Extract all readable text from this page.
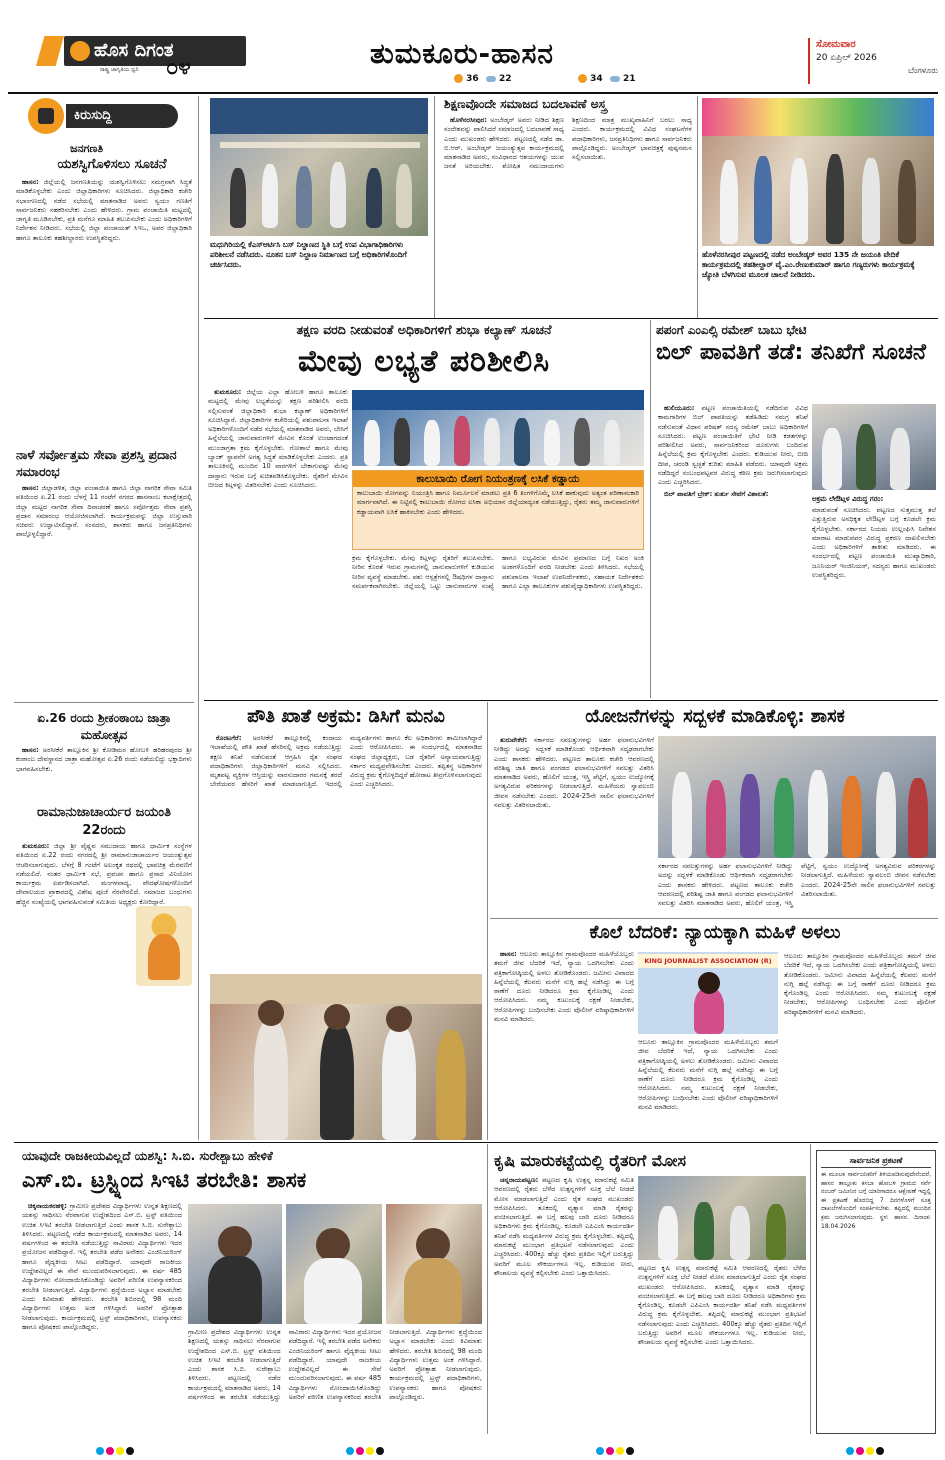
ಹೊಸ ದಿಗಂತ
ರಾಷ್ಟ್ರ ಜಾಗೃತಿಯ ಧ್ವನಿ ೦೪	ತುಮಕೂರು-ಹಾಸನ
36 22	34 21
ಸೋಮವಾರ
20 ಏಪ್ರಿಲ್ 2026
ಬೆಂಗಳೂರು
ಕಿರುಸುದ್ದಿ
ಜನಗಣತಿ
ಯಶಸ್ವಿಗೊಳಿಸಲು ಸೂಚನೆ

ಹಾಸನ: ಜಿಲ್ಲೆಯಲ್ಲಿ ಜನಗಣತಿಯನ್ನು ಯಶಸ್ವಿಗೊಳಿಸಲು ಸಮಗ್ರವಾಗಿ ಸಿದ್ಧತೆ ಮಾಡಿಕೊಳ್ಳಬೇಕು ಎಂದು ಜಿಲ್ಲಾಧಿಕಾರಿಗಳು ಸೂಚಿಸಿದರು. ಜಿಲ್ಲಾಧಿಕಾರಿ ಕಚೇರಿ ಸಭಾಂಗಣದಲ್ಲಿ ನಡೆದ ಸಭೆಯಲ್ಲಿ ಮಾತನಾಡಿದ ಅವರು ಸ್ವಯಂ ಗಣತಿಗೆ ಸಾರ್ವಜನಿಕರು ಸಹಕರಿಸಬೇಕು ಎಂದು ಹೇಳಿದರು. ಗ್ರಾಮ ಪಂಚಾಯಿತಿ ಮಟ್ಟದಲ್ಲಿ ಜಾಗೃತಿ ಮೂಡಿಸಬೇಕು, ಪ್ರತಿ ಮನೆಗೂ ಮಾಹಿತಿ ತಲುಪಿಸಬೇಕು ಎಂದು ಅಧಿಕಾರಿಗಳಿಗೆ ನಿರ್ದೇಶನ ನೀಡಿದರು. ಸಭೆಯಲ್ಲಿ ಜಿಲ್ಲಾ ಪಂಚಾಯತ್ ಸಿಇಒ, ಅಪರ ಜಿಲ್ಲಾಧಿಕಾರಿ ಹಾಗೂ ತಾಲೂಕು ತಹಶೀಲ್ದಾರರು ಉಪಸ್ಥಿತರಿದ್ದರು.

ನಾಳೆ ಸರ್ವೋತ್ತಮ ಸೇವಾ ಪ್ರಶಸ್ತಿ ಪ್ರದಾನ ಸಮಾರಂಭ

ಹಾಸನ: ಜಿಲ್ಲಾಡಳಿತ, ಜಿಲ್ಲಾ ಪಂಚಾಯಿತಿ ಹಾಗೂ ಜಿಲ್ಲಾ ನಾಗರಿಕ ಸೇವಾ ಸಮಿತಿ ವತಿಯಿಂದ ಏ.21 ರಂದು ಬೆಳಗ್ಗೆ 11 ಗಂಟೆಗೆ ನಗರದ ಹಾಸನಾಂಬ ಕಲಾಕ್ಷೇತ್ರದಲ್ಲಿ ಜಿಲ್ಲಾ ಮಟ್ಟದ ನಾಗರಿಕ ಸೇವಾ ದಿನಾಚರಣೆ ಹಾಗೂ ಸರ್ವೋತ್ತಮ ಸೇವಾ ಪ್ರಶಸ್ತಿ ಪ್ರದಾನ ಸಮಾರಂಭ ಆಯೋಜಿಸಲಾಗಿದೆ. ಕಾರ್ಯಕ್ರಮವನ್ನು ಜಿಲ್ಲಾ ಉಸ್ತುವಾರಿ ಸಚಿವರು ಉದ್ಘಾಟಿಸಲಿದ್ದಾರೆ. ಸಂಸದರು, ಶಾಸಕರು ಹಾಗೂ ಜನಪ್ರತಿನಿಧಿಗಳು ಪಾಲ್ಗೊಳ್ಳಲಿದ್ದಾರೆ.

ಏ.26 ರಂದು ಶ್ರೀಕಂಠಾಂಬ ಜಾತ್ರಾ ಮಹೋತ್ಸವ

ಹಾಸನ: ಅರಸೀಕೆರೆ ತಾಲ್ಲೂಕಿನ ಶ್ರೀ ಕೋಡಿಮಠ ಹೋಬಳಿ ಹರಿಹರಪುರದ ಶ್ರೀ ಕಂಠಾಂಬ ದೇವಸ್ಥಾನದ ಜಾತ್ರಾ ಮಹೋತ್ಸವ ಏ.26 ರಂದು ನಡೆಯಲಿದ್ದು ಭಕ್ತಾದಿಗಳು ಭಾಗವಹಿಸಬೇಕು.

ರಾಮಾನುಜಾಚಾರ್ಯರ ಜಯಂತಿ 22ರಂದು

ತುಮಕೂರು: ಜಿಲ್ಲಾ ಶ್ರೀ ವೈಷ್ಣವ ಸಮುದಾಯ ಹಾಗೂ ಧಾರ್ಮಿಕ ಸಂಸ್ಥೆಗಳ ವತಿಯಿಂದ ಏ.22 ರಂದು ನಗರದಲ್ಲಿ ಶ್ರೀ ರಾಮಾನುಜಾಚಾರ್ಯರ ಜಯಂತ್ಯುತ್ಸವ ಆಚರಿಸಲಾಗುವುದು. ಬೆಳಗ್ಗೆ 8 ಗಂಟೆಗೆ ಅಲಂಕೃತ ರಥದಲ್ಲಿ ಭಾವಚಿತ್ರ ಮೆರವಣಿಗೆ ನಡೆಯಲಿದೆ. ನಂತರ ಧಾರ್ಮಿಕ ಸಭೆ, ಪ್ರವಚನ ಹಾಗೂ ಪ್ರಸಾದ ವಿನಿಯೋಗ ಕಾರ್ಯಕ್ರಮ ಏರ್ಪಡಿಸಲಾಗಿದೆ. ಮಂಗಳವಾದ್ಯ, ವೇದಘೋಷಗಳೊಂದಿಗೆ ದೇವಾಲಯದ ಪ್ರಾಕಾರದಲ್ಲಿ ವಿಶೇಷ ಪೂಜೆ ನೆರವೇರಲಿದೆ. ಸಮಾಜದ ಬಂಧುಗಳು ಹೆಚ್ಚಿನ ಸಂಖ್ಯೆಯಲ್ಲಿ ಭಾಗವಹಿಸುವಂತೆ ಸಮಿತಿಯ ಅಧ್ಯಕ್ಷರು ಕೋರಿದ್ದಾರೆ.

ಮಧುಗಿರಿಯಲ್ಲಿ ಕೆಎಸ್ಆರ್ಟಿಸಿ ಬಸ್ ನಿಲ್ದಾಣದ ಸ್ಥಿತಿ ಬಗ್ಗೆ ಉಪ ವಿಭಾಗಾಧಿಕಾರಿಗಳು ಪರಿಶೀಲನೆ ನಡೆಸಿದರು. ನೂತನ ಬಸ್ ನಿಲ್ದಾಣ ನಿರ್ಮಾಣದ ಬಗ್ಗೆ ಅಧಿಕಾರಿಗಳೊಂದಿಗೆ ಚರ್ಚಿಸಿದರು.
ಶಿಕ್ಷಣವೊಂದೇ ಸಮಾಜದ ಬದಲಾವಣೆ ಅಸ್ತ್ರ

ಹೊಳೆನರಸೀಪುರ: ಅಂಬೇಡ್ಕರ್ ಅವರು ನೀಡಿದ ಶಿಕ್ಷಣ ಸಂದೇಶವನ್ನು ಪಾಲಿಸಿದರೆ ಸಮಾಜದಲ್ಲಿ ಬದಲಾವಣೆ ಸಾಧ್ಯ ಎಂದು ಮುಖಂಡರು ಹೇಳಿದರು. ಪಟ್ಟಣದಲ್ಲಿ ನಡೆದ ಡಾ. ಬಿ.ಆರ್. ಅಂಬೇಡ್ಕರ್ ಜಯಂತ್ಯುತ್ಸವ ಕಾರ್ಯಕ್ರಮದಲ್ಲಿ ಮಾತನಾಡಿದ ಅವರು, ಸಂವಿಧಾನದ ಆಶಯಗಳನ್ನು ಯುವ ಜನತೆ ಅರಿಯಬೇಕು. ಶೋಷಿತ ಸಮುದಾಯಗಳು ಶಿಕ್ಷಣದಿಂದ ಮಾತ್ರ ಮುಖ್ಯವಾಹಿನಿಗೆ ಬರಲು ಸಾಧ್ಯ ಎಂದರು. ಕಾರ್ಯಕ್ರಮದಲ್ಲಿ ವಿವಿಧ ಸಂಘಟನೆಗಳ ಪದಾಧಿಕಾರಿಗಳು, ಜನಪ್ರತಿನಿಧಿಗಳು ಹಾಗೂ ಸಾರ್ವಜನಿಕರು ಪಾಲ್ಗೊಂಡಿದ್ದರು. ಅಂಬೇಡ್ಕರ್ ಭಾವಚಿತ್ರಕ್ಕೆ ಪುಷ್ಪನಮನ ಸಲ್ಲಿಸಲಾಯಿತು.

ಹೊಳೆನರಸೀಪುರ ಪಟ್ಟಣದಲ್ಲಿ ನಡೆದ ಅಂಬೇಡ್ಕರ್ ಅವರ 135 ನೇ ಜಯಂತಿ ವೇದಿಕೆ ಕಾರ್ಯಕ್ರಮದಲ್ಲಿ ತಹಶೀಲ್ದಾರ್ ವೈ.ಎಂ.ರೇಣುಕುಮಾರ್ ಹಾಗೂ ಗಣ್ಯರುಗಳು ಕಾರ್ಯಕ್ರಮಕ್ಕೆ ಜ್ಯೋತಿ ಬೆಳಗಿಸುವ ಮೂಲಕ ಚಾಲನೆ ನೀಡಿದರು.
ತಕ್ಷಣ ವರದಿ ನೀಡುವಂತೆ ಅಧಿಕಾರಿಗಳಿಗೆ ಶುಭಾ ಕಲ್ಯಾಣ್ ಸೂಚನೆ
ಮೇವು ಲಭ್ಯತೆ ಪರಿಶೀಲಿಸಿ

ತುಮಕೂರು: ಜಿಲ್ಲೆಯ ಎಲ್ಲಾ ಹೋಬಳಿ ಹಾಗೂ ತಾಲೂಕು ಮಟ್ಟದಲ್ಲಿ ಮೇವು ಲಭ್ಯತೆಯನ್ನು ತಕ್ಷಣ ಪರಿಶೀಲಿಸಿ ವರದಿ ಸಲ್ಲಿಸುವಂತೆ ಜಿಲ್ಲಾಧಿಕಾರಿ ಶುಭಾ ಕಲ್ಯಾಣ್ ಅಧಿಕಾರಿಗಳಿಗೆ ಸೂಚಿಸಿದ್ದಾರೆ. ಜಿಲ್ಲಾಧಿಕಾರಿಗಳ ಕಚೇರಿಯಲ್ಲಿ ಪಶುಪಾಲನಾ ಇಲಾಖೆ ಅಧಿಕಾರಿಗಳೊಂದಿಗೆ ನಡೆದ ಸಭೆಯಲ್ಲಿ ಮಾತನಾಡಿದ ಅವರು, ಬೇಸಿಗೆ ಹಿನ್ನೆಲೆಯಲ್ಲಿ ಜಾನುವಾರುಗಳಿಗೆ ಮೇವಿನ ಕೊರತೆ ಉಂಟಾಗದಂತೆ ಮುಂಜಾಗ್ರತಾ ಕ್ರಮ ಕೈಗೊಳ್ಳಬೇಕು. ಗೋಶಾಲೆ ಹಾಗೂ ಮೇವು ಬ್ಯಾಂಕ್ ಸ್ಥಾಪನೆಗೆ ಅಗತ್ಯ ಸಿದ್ಧತೆ ಮಾಡಿಕೊಳ್ಳಬೇಕು ಎಂದರು. ಪ್ರತಿ ತಾಲೂಕಿನಲ್ಲಿ ಮುಂದಿನ 10 ವಾರಗಳಿಗೆ ಬೇಕಾಗುವಷ್ಟು ಮೇವು ದಾಸ್ತಾನು ಇರುವ ಬಗ್ಗೆ ಖಚಿತಪಡಿಸಿಕೊಳ್ಳಬೇಕು. ರೈತರಿಗೆ ಮೇವಿನ ಬೀಜದ ಕಿಟ್ಗಳನ್ನು ವಿತರಿಸಬೇಕು ಎಂದು ಸೂಚಿಸಿದರು.	ಕಾಲುಬಾಯಿ ರೋಗ ನಿಯಂತ್ರಣಕ್ಕೆ ಲಸಿಕೆ ಕಡ್ಡಾಯ
ಕಾಲುಬಾಯಿ ರೋಗವನ್ನು ನಿಯಂತ್ರಿಸಿ ಹಾಗೂ ನಿರ್ಮೂಲನೆ ಮಾಡಲು ಪ್ರತಿ 6 ತಿಂಗಳಿಗೊಮ್ಮೆ ಲಸಿಕೆ ಹಾಕುವುದು ಅತ್ಯಂತ ಪರಿಣಾಮಕಾರಿ ಮಾರ್ಗವಾಗಿದೆ. ಈ ನಿಟ್ಟಿನಲ್ಲಿ ಕಾಲುಬಾಯಿ ರೋಗದ ಲಸಿಕಾ ಅಭಿಯಾನ ಜಿಲ್ಲೆಯಾದ್ಯಂತ ನಡೆಯುತ್ತಿದ್ದು, ರೈತರು ತಮ್ಮ ಜಾನುವಾರುಗಳಿಗೆ ಕಡ್ಡಾಯವಾಗಿ ಲಸಿಕೆ ಹಾಕಿಸಬೇಕು ಎಂದು ಹೇಳಿದರು.
ಕ್ರಮ ಕೈಗೊಳ್ಳಬೇಕು. ಮೇವು ಕಿಟ್ಗಳನ್ನು ರೈತರಿಗೆ ತಲುಪಿಸಬೇಕು. ನೀರಿನ ಕೊರತೆ ಇರುವ ಗ್ರಾಮಗಳಲ್ಲಿ ಜಾನುವಾರುಗಳಿಗೆ ಕುಡಿಯುವ ನೀರಿನ ವ್ಯವಸ್ಥೆ ಮಾಡಬೇಕು. ಪಶು ಆಸ್ಪತ್ರೆಗಳಲ್ಲಿ ಔಷಧಿಗಳ ದಾಸ್ತಾನು ಸಮರ್ಪಕವಾಗಿರಬೇಕು. ಜಿಲ್ಲೆಯಲ್ಲಿ ಒಟ್ಟು ಜಾನುವಾರುಗಳ ಸಂಖ್ಯೆ ಹಾಗೂ ಲಭ್ಯವಿರುವ ಮೇವಿನ ಪ್ರಮಾಣದ ಬಗ್ಗೆ ನಿಖರ ಅಂಕಿ ಅಂಶಗಳೊಂದಿಗೆ ವರದಿ ನೀಡಬೇಕು ಎಂದು ತಿಳಿಸಿದರು. ಸಭೆಯಲ್ಲಿ ಪಶುಪಾಲನಾ ಇಲಾಖೆ ಉಪನಿರ್ದೇಶಕರು, ಸಹಾಯಕ ನಿರ್ದೇಶಕರು ಹಾಗೂ ಎಲ್ಲಾ ತಾಲೂಕುಗಳ ಪಶುವೈದ್ಯಾಧಿಕಾರಿಗಳು ಉಪಸ್ಥಿತರಿದ್ದರು.
ಪಪಂಗೆ ಎಂಎಲ್ಸಿ ರಮೇಶ್ ಬಾಬು ಭೇಟಿ
ಬಿಲ್ ಪಾವತಿಗೆ ತಡೆ: ತನಿಖೆಗೆ ಸೂಚನೆ

ಹುಲಿಯೂರು: ಪಟ್ಟಣ ಪಂಚಾಯಿತಿಯಲ್ಲಿ ನಡೆದಿರುವ ವಿವಿಧ ಕಾಮಗಾರಿಗಳ ಬಿಲ್ ಪಾವತಿಯನ್ನು ತಡೆಹಿಡಿದು ಸಮಗ್ರ ತನಿಖೆ ನಡೆಸುವಂತೆ ವಿಧಾನ ಪರಿಷತ್ ಸದಸ್ಯ ರಮೇಶ್ ಬಾಬು ಅಧಿಕಾರಿಗಳಿಗೆ ಸೂಚಿಸಿದರು. ಪಟ್ಟಣ ಪಂಚಾಯಿತಿಗೆ ಭೇಟಿ ನೀಡಿ ಕಡತಗಳನ್ನು ಪರಿಶೀಲಿಸಿದ ಅವರು, ಸಾರ್ವಜನಿಕರಿಂದ ದೂರುಗಳು ಬಂದಿರುವ ಹಿನ್ನೆಲೆಯಲ್ಲಿ ಕ್ರಮ ಕೈಗೊಳ್ಳಬೇಕು ಎಂದರು. ಕುಡಿಯುವ ನೀರು, ಬೀದಿ ದೀಪ, ಚರಂಡಿ ಸ್ವಚ್ಛತೆ ಕುರಿತು ಮಾಹಿತಿ ಪಡೆದರು. ಯಾವುದೇ ಅಕ್ರಮ ನಡೆದಿದ್ದರೆ ಸಂಬಂಧಪಟ್ಟವರ ವಿರುದ್ಧ ಕಠಿಣ ಕ್ರಮ ಜರುಗಿಸಲಾಗುವುದು ಎಂದು ಎಚ್ಚರಿಸಿದರು.

ಬಿಲ್ ಪಾವತಿಗೆ ಬ್ರೇಕ್: ತುರ್ತು ಸೇವೆಗೆ ವಿಶಾಲತೆ:

ಅಕ್ರಮ ಲೇಔಟ್ಗಳ ವಿರುದ್ಧ ಗರಂ:
ಮಾಡುವಂತೆ ಸೂಚಿಸಿದರು. ಪಟ್ಟಣದ ಸುತ್ತಮುತ್ತ ತಲೆ ಎತ್ತುತ್ತಿರುವ ಅನಧಿಕೃತ ಲೇಔಟ್ಗಳ ಬಗ್ಗೆ ಕೂಡಲೇ ಕ್ರಮ ಕೈಗೊಳ್ಳಬೇಕು. ಸರ್ಕಾರದ ನಿಯಮ ಉಲ್ಲಂಘಿಸಿ ನಿವೇಶನ ಮಾರಾಟ ಮಾಡುವವರ ವಿರುದ್ಧ ಪ್ರಕರಣ ದಾಖಲಿಸಬೇಕು ಎಂದು ಅಧಿಕಾರಿಗಳಿಗೆ ತಾಕೀತು ಮಾಡಿದರು. ಈ ಸಂದರ್ಭದಲ್ಲಿ ಪಟ್ಟಣ ಪಂಚಾಯಿತಿ ಮುಖ್ಯಾಧಿಕಾರಿ, ಜೂನಿಯರ್ ಇಂಜಿನಿಯರ್, ಸದಸ್ಯರು ಹಾಗೂ ಮುಖಂಡರು ಉಪಸ್ಥಿತರಿದ್ದರು.
ಪೌತಿ ಖಾತೆ ಅಕ್ರಮ: ಡಿಸಿಗೆ ಮನವಿ

ಕೊರಟಗೆರೆ: ಅರಸೀಕೆರೆ ತಾಲ್ಲೂಕಿನಲ್ಲಿ ಕಂದಾಯ ಇಲಾಖೆಯಲ್ಲಿ ಪೌತಿ ಖಾತೆ ಹೆಸರಿನಲ್ಲಿ ಅಕ್ರಮ ನಡೆಯುತ್ತಿದ್ದು ತಕ್ಷಣ ತನಿಖೆ ನಡೆಸುವಂತೆ ಆಗ್ರಹಿಸಿ ರೈತ ಸಂಘದ ಪದಾಧಿಕಾರಿಗಳು ಜಿಲ್ಲಾಧಿಕಾರಿಗಳಿಗೆ ಮನವಿ ಸಲ್ಲಿಸಿದರು. ಮೃತಪಟ್ಟ ವ್ಯಕ್ತಿಗಳ ಆಸ್ತಿಯನ್ನು ವಾರಸುದಾರರ ಗಮನಕ್ಕೆ ತರದೆ ಬೇರೆಯವರ ಹೆಸರಿಗೆ ಖಾತೆ ಮಾಡಲಾಗುತ್ತಿದೆ. ಇದರಲ್ಲಿ ಮಧ್ಯವರ್ತಿಗಳು ಹಾಗೂ ಕೆಲ ಅಧಿಕಾರಿಗಳು ಶಾಮೀಲಾಗಿದ್ದಾರೆ ಎಂದು ಆರೋಪಿಸಿದರು. ಈ ಸಂದರ್ಭದಲ್ಲಿ ಮಾತನಾಡಿದ ಸಂಘದ ಜಿಲ್ಲಾಧ್ಯಕ್ಷರು, ಬಡ ರೈತರಿಗೆ ಅನ್ಯಾಯವಾಗುತ್ತಿದ್ದು ಸರ್ಕಾರ ಮಧ್ಯಪ್ರವೇಶಿಸಬೇಕು ಎಂದರು. ತಪ್ಪಿತಸ್ಥ ಅಧಿಕಾರಿಗಳ ವಿರುದ್ಧ ಕ್ರಮ ಕೈಗೊಳ್ಳದಿದ್ದರೆ ಹೋರಾಟ ತೀವ್ರಗೊಳಿಸಲಾಗುವುದು ಎಂದು ಎಚ್ಚರಿಸಿದರು.

ಯೋಜನೆಗಳನ್ನು ಸದ್ಬಳಕೆ ಮಾಡಿಕೊಳ್ಳಿ: ಶಾಸಕ

ತುರುವೇಕೆರೆ: ಸರ್ಕಾರದ ಸವಲತ್ತುಗಳನ್ನು ಅರ್ಹ ಫಲಾನುಭವಿಗಳಿಗೆ ನೀಡಿದ್ದು ಅದನ್ನು ಸದ್ಬಳಕೆ ಮಾಡಿಕೊಂಡು ಆರ್ಥಿಕವಾಗಿ ಸದೃಢರಾಗಬೇಕು ಎಂದು ಶಾಸಕರು ಹೇಳಿದರು. ಪಟ್ಟಣದ ತಾಲೂಕು ಕಚೇರಿ ಆವರಣದಲ್ಲಿ ಪರಿಶಿಷ್ಟ ಜಾತಿ ಹಾಗೂ ಪಂಗಡದ ಫಲಾನುಭವಿಗಳಿಗೆ ಸವಲತ್ತು ವಿತರಿಸಿ ಮಾತನಾಡಿದ ಅವರು, ಹೊಲಿಗೆ ಯಂತ್ರ, ಇಸ್ತ್ರಿ ಪೆಟ್ಟಿಗೆ, ಸ್ವಯಂ ಉದ್ಯೋಗಕ್ಕೆ ಅಗತ್ಯವಿರುವ ಪರಿಕರಗಳನ್ನು ನೀಡಲಾಗುತ್ತಿದೆ. ಮಹಿಳೆಯರು ಸ್ವಾವಲಂಬಿ ಜೀವನ ನಡೆಸಬೇಕು ಎಂದರು. 2024-25ನೇ ಸಾಲಿನ ಫಲಾನುಭವಿಗಳಿಗೆ ಸವಲತ್ತು ವಿತರಿಸಲಾಯಿತು.

ಸರ್ಕಾರದ ಸವಲತ್ತುಗಳನ್ನು ಅರ್ಹ ಫಲಾನುಭವಿಗಳಿಗೆ ನೀಡಿದ್ದು ಅದನ್ನು ಸದ್ಬಳಕೆ ಮಾಡಿಕೊಂಡು ಆರ್ಥಿಕವಾಗಿ ಸದೃಢರಾಗಬೇಕು ಎಂದು ಶಾಸಕರು ಹೇಳಿದರು. ಪಟ್ಟಣದ ತಾಲೂಕು ಕಚೇರಿ ಆವರಣದಲ್ಲಿ ಪರಿಶಿಷ್ಟ ಜಾತಿ ಹಾಗೂ ಪಂಗಡದ ಫಲಾನುಭವಿಗಳಿಗೆ ಸವಲತ್ತು ವಿತರಿಸಿ ಮಾತನಾಡಿದ ಅವರು, ಹೊಲಿಗೆ ಯಂತ್ರ, ಇಸ್ತ್ರಿ ಪೆಟ್ಟಿಗೆ, ಸ್ವಯಂ ಉದ್ಯೋಗಕ್ಕೆ ಅಗತ್ಯವಿರುವ ಪರಿಕರಗಳನ್ನು ನೀಡಲಾಗುತ್ತಿದೆ. ಮಹಿಳೆಯರು ಸ್ವಾವಲಂಬಿ ಜೀವನ ನಡೆಸಬೇಕು ಎಂದರು. 2024-25ನೇ ಸಾಲಿನ ಫಲಾನುಭವಿಗಳಿಗೆ ಸವಲತ್ತು ವಿತರಿಸಲಾಯಿತು.
ಕೊಲೆ ಬೆದರಿಕೆ: ನ್ಯಾಯಕ್ಕಾಗಿ ಮಹಿಳೆ ಅಳಲು

ಹಾಸನ: ಆಲೂರು ತಾಲ್ಲೂಕಿನ ಗ್ರಾಮವೊಂದರ ಮಹಿಳೆಯೊಬ್ಬರು ತಮಗೆ ಜೀವ ಬೆದರಿಕೆ ಇದೆ, ನ್ಯಾಯ ಒದಗಿಸಬೇಕು ಎಂದು ಪತ್ರಿಕಾಗೋಷ್ಠಿಯಲ್ಲಿ ಅಳಲು ತೋಡಿಕೊಂಡರು. ಜಮೀನು ವಿವಾದದ ಹಿನ್ನೆಲೆಯಲ್ಲಿ ಕೆಲವರು ಮನೆಗೆ ನುಗ್ಗಿ ಹಲ್ಲೆ ನಡೆಸಿದ್ದು ಈ ಬಗ್ಗೆ ಠಾಣೆಗೆ ದೂರು ನೀಡಿದರೂ ಕ್ರಮ ಕೈಗೊಂಡಿಲ್ಲ ಎಂದು ಆರೋಪಿಸಿದರು. ನಮ್ಮ ಕುಟುಂಬಕ್ಕೆ ರಕ್ಷಣೆ ನೀಡಬೇಕು, ಆರೋಪಿಗಳನ್ನು ಬಂಧಿಸಬೇಕು ಎಂದು ಪೊಲೀಸ್ ವರಿಷ್ಠಾಧಿಕಾರಿಗಳಿಗೆ ಮನವಿ ಮಾಡಿದರು.

KING JOURNALIST ASSOCIATION (R)
ಆಲೂರು ತಾಲ್ಲೂಕಿನ ಗ್ರಾಮವೊಂದರ ಮಹಿಳೆಯೊಬ್ಬರು ತಮಗೆ ಜೀವ ಬೆದರಿಕೆ ಇದೆ, ನ್ಯಾಯ ಒದಗಿಸಬೇಕು ಎಂದು ಪತ್ರಿಕಾಗೋಷ್ಠಿಯಲ್ಲಿ ಅಳಲು ತೋಡಿಕೊಂಡರು. ಜಮೀನು ವಿವಾದದ ಹಿನ್ನೆಲೆಯಲ್ಲಿ ಕೆಲವರು ಮನೆಗೆ ನುಗ್ಗಿ ಹಲ್ಲೆ ನಡೆಸಿದ್ದು ಈ ಬಗ್ಗೆ ಠಾಣೆಗೆ ದೂರು ನೀಡಿದರೂ ಕ್ರಮ ಕೈಗೊಂಡಿಲ್ಲ ಎಂದು ಆರೋಪಿಸಿದರು. ನಮ್ಮ ಕುಟುಂಬಕ್ಕೆ ರಕ್ಷಣೆ ನೀಡಬೇಕು, ಆರೋಪಿಗಳನ್ನು ಬಂಧಿಸಬೇಕು ಎಂದು ಪೊಲೀಸ್ ವರಿಷ್ಠಾಧಿಕಾರಿಗಳಿಗೆ ಮನವಿ ಮಾಡಿದರು.
ಆಲೂರು ತಾಲ್ಲೂಕಿನ ಗ್ರಾಮವೊಂದರ ಮಹಿಳೆಯೊಬ್ಬರು ತಮಗೆ ಜೀವ ಬೆದರಿಕೆ ಇದೆ, ನ್ಯಾಯ ಒದಗಿಸಬೇಕು ಎಂದು ಪತ್ರಿಕಾಗೋಷ್ಠಿಯಲ್ಲಿ ಅಳಲು ತೋಡಿಕೊಂಡರು. ಜಮೀನು ವಿವಾದದ ಹಿನ್ನೆಲೆಯಲ್ಲಿ ಕೆಲವರು ಮನೆಗೆ ನುಗ್ಗಿ ಹಲ್ಲೆ ನಡೆಸಿದ್ದು ಈ ಬಗ್ಗೆ ಠಾಣೆಗೆ ದೂರು ನೀಡಿದರೂ ಕ್ರಮ ಕೈಗೊಂಡಿಲ್ಲ ಎಂದು ಆರೋಪಿಸಿದರು. ನಮ್ಮ ಕುಟುಂಬಕ್ಕೆ ರಕ್ಷಣೆ ನೀಡಬೇಕು, ಆರೋಪಿಗಳನ್ನು ಬಂಧಿಸಬೇಕು ಎಂದು ಪೊಲೀಸ್ ವರಿಷ್ಠಾಧಿಕಾರಿಗಳಿಗೆ ಮನವಿ ಮಾಡಿದರು.
ಯಾವುದೇ ರಾಜಕೀಯವಿಲ್ಲದೆ ಯಶಸ್ವಿ: ಸಿ.ಬಿ. ಸುರೇಶ್ಬಾಬು ಹೇಳಿಕೆ
ಎಸ್.ಬಿ. ಟ್ರಸ್ಟ್ನಿಂದ ಸಿಇಟಿ ತರಬೇತಿ: ಶಾಸಕ

ಚಿಕ್ಕನಾಯಕನಹಳ್ಳಿ: ಗ್ರಾಮೀಣ ಪ್ರದೇಶದ ವಿದ್ಯಾರ್ಥಿಗಳು ಉನ್ನತ ಶಿಕ್ಷಣದಲ್ಲಿ ಯಶಸ್ಸು ಸಾಧಿಸಲು ನೆರವಾಗುವ ಉದ್ದೇಶದಿಂದ ಎಸ್.ಬಿ. ಟ್ರಸ್ಟ್ ವತಿಯಿಂದ ಉಚಿತ ಸಿಇಟಿ ತರಬೇತಿ ನೀಡಲಾಗುತ್ತಿದೆ ಎಂದು ಶಾಸಕ ಸಿ.ಬಿ. ಸುರೇಶ್ಬಾಬು ತಿಳಿಸಿದರು. ಪಟ್ಟಣದಲ್ಲಿ ನಡೆದ ಕಾರ್ಯಕ್ರಮದಲ್ಲಿ ಮಾತನಾಡಿದ ಅವರು, 14 ವರ್ಷಗಳಿಂದ ಈ ತರಬೇತಿ ನಡೆಯುತ್ತಿದ್ದು ಸಾವಿರಾರು ವಿದ್ಯಾರ್ಥಿಗಳು ಇದರ ಪ್ರಯೋಜನ ಪಡೆದಿದ್ದಾರೆ. ಇಲ್ಲಿ ತರಬೇತಿ ಪಡೆದ ಅನೇಕರು ಎಂಜಿನಿಯರಿಂಗ್ ಹಾಗೂ ವೈದ್ಯಕೀಯ ಸೀಟು ಪಡೆದಿದ್ದಾರೆ. ಯಾವುದೇ ರಾಜಕೀಯ ಉದ್ದೇಶವಿಲ್ಲದೆ ಈ ಸೇವೆ ಮುಂದುವರಿಸಲಾಗುವುದು. ಈ ವರ್ಷ 485 ವಿದ್ಯಾರ್ಥಿಗಳು ನೋಂದಾಯಿಸಿಕೊಂಡಿದ್ದು ಅವರಿಗೆ ಪರಿಣಿತ ಉಪನ್ಯಾಸಕರಿಂದ ತರಬೇತಿ ನೀಡಲಾಗುತ್ತಿದೆ. ವಿದ್ಯಾರ್ಥಿಗಳು ಶ್ರದ್ಧೆಯಿಂದ ಅಭ್ಯಾಸ ಮಾಡಬೇಕು ಎಂದು ಕಿವಿಮಾತು ಹೇಳಿದರು. ತರಬೇತಿ ಶಿಬಿರದಲ್ಲಿ 98 ಮಂದಿ ವಿದ್ಯಾರ್ಥಿಗಳು ಉತ್ತಮ ಅಂಕ ಗಳಿಸಿದ್ದಾರೆ. ಅವರಿಗೆ ಪ್ರೋತ್ಸಾಹ ನೀಡಲಾಗುವುದು. ಕಾರ್ಯಕ್ರಮದಲ್ಲಿ ಟ್ರಸ್ಟ್ ಪದಾಧಿಕಾರಿಗಳು, ಉಪನ್ಯಾಸಕರು ಹಾಗೂ ಪೋಷಕರು ಪಾಲ್ಗೊಂಡಿದ್ದರು.

ಗ್ರಾಮೀಣ ಪ್ರದೇಶದ ವಿದ್ಯಾರ್ಥಿಗಳು ಉನ್ನತ ಶಿಕ್ಷಣದಲ್ಲಿ ಯಶಸ್ಸು ಸಾಧಿಸಲು ನೆರವಾಗುವ ಉದ್ದೇಶದಿಂದ ಎಸ್.ಬಿ. ಟ್ರಸ್ಟ್ ವತಿಯಿಂದ ಉಚಿತ ಸಿಇಟಿ ತರಬೇತಿ ನೀಡಲಾಗುತ್ತಿದೆ ಎಂದು ಶಾಸಕ ಸಿ.ಬಿ. ಸುರೇಶ್ಬಾಬು ತಿಳಿಸಿದರು. ಪಟ್ಟಣದಲ್ಲಿ ನಡೆದ ಕಾರ್ಯಕ್ರಮದಲ್ಲಿ ಮಾತನಾಡಿದ ಅವರು, 14 ವರ್ಷಗಳಿಂದ ಈ ತರಬೇತಿ ನಡೆಯುತ್ತಿದ್ದು ಸಾವಿರಾರು ವಿದ್ಯಾರ್ಥಿಗಳು ಇದರ ಪ್ರಯೋಜನ ಪಡೆದಿದ್ದಾರೆ. ಇಲ್ಲಿ ತರಬೇತಿ ಪಡೆದ ಅನೇಕರು ಎಂಜಿನಿಯರಿಂಗ್ ಹಾಗೂ ವೈದ್ಯಕೀಯ ಸೀಟು ಪಡೆದಿದ್ದಾರೆ. ಯಾವುದೇ ರಾಜಕೀಯ ಉದ್ದೇಶವಿಲ್ಲದೆ ಈ ಸೇವೆ ಮುಂದುವರಿಸಲಾಗುವುದು. ಈ ವರ್ಷ 485 ವಿದ್ಯಾರ್ಥಿಗಳು ನೋಂದಾಯಿಸಿಕೊಂಡಿದ್ದು ಅವರಿಗೆ ಪರಿಣಿತ ಉಪನ್ಯಾಸಕರಿಂದ ತರಬೇತಿ ನೀಡಲಾಗುತ್ತಿದೆ. ವಿದ್ಯಾರ್ಥಿಗಳು ಶ್ರದ್ಧೆಯಿಂದ ಅಭ್ಯಾಸ ಮಾಡಬೇಕು ಎಂದು ಕಿವಿಮಾತು ಹೇಳಿದರು. ತರಬೇತಿ ಶಿಬಿರದಲ್ಲಿ 98 ಮಂದಿ ವಿದ್ಯಾರ್ಥಿಗಳು ಉತ್ತಮ ಅಂಕ ಗಳಿಸಿದ್ದಾರೆ. ಅವರಿಗೆ ಪ್ರೋತ್ಸಾಹ ನೀಡಲಾಗುವುದು. ಕಾರ್ಯಕ್ರಮದಲ್ಲಿ ಟ್ರಸ್ಟ್ ಪದಾಧಿಕಾರಿಗಳು, ಉಪನ್ಯಾಸಕರು ಹಾಗೂ ಪೋಷಕರು ಪಾಲ್ಗೊಂಡಿದ್ದರು.
ಕೃಷಿ ಮಾರುಕಟ್ಟೆಯಲ್ಲಿ ರೈತರಿಗೆ ಮೋಸ

ಚನ್ನರಾಯಪಟ್ಟಣ: ಪಟ್ಟಣದ ಕೃಷಿ ಉತ್ಪನ್ನ ಮಾರುಕಟ್ಟೆ ಸಮಿತಿ ಆವರಣದಲ್ಲಿ ರೈತರು ಬೆಳೆದ ಉತ್ಪನ್ನಗಳಿಗೆ ಸೂಕ್ತ ಬೆಲೆ ನೀಡದೆ ಮೋಸ ಮಾಡಲಾಗುತ್ತಿದೆ ಎಂದು ರೈತ ಸಂಘದ ಮುಖಂಡರು ಆರೋಪಿಸಿದರು. ತೂಕದಲ್ಲಿ ವ್ಯತ್ಯಾಸ ಮಾಡಿ ರೈತರನ್ನು ವಂಚಿಸಲಾಗುತ್ತಿದೆ. ಈ ಬಗ್ಗೆ ಹಲವು ಬಾರಿ ದೂರು ನೀಡಿದರೂ ಅಧಿಕಾರಿಗಳು ಕ್ರಮ ಕೈಗೊಂಡಿಲ್ಲ. ಕೂಡಲೇ ಎಪಿಎಂಸಿ ಕಾರ್ಯದರ್ಶಿ ತನಿಖೆ ನಡೆಸಿ ಮಧ್ಯವರ್ತಿಗಳ ವಿರುದ್ಧ ಕ್ರಮ ಕೈಗೊಳ್ಳಬೇಕು. ತಪ್ಪಿದಲ್ಲಿ ಮಾರುಕಟ್ಟೆ ಮುಂಭಾಗ ಪ್ರತಿಭಟನೆ ನಡೆಸಲಾಗುವುದು ಎಂದು ಎಚ್ಚರಿಸಿದರು. 400ಕ್ಕೂ ಹೆಚ್ಚು ರೈತರು ಪ್ರತಿದಿನ ಇಲ್ಲಿಗೆ ಬರುತ್ತಿದ್ದು ಅವರಿಗೆ ಮೂಲ ಸೌಕರ್ಯಗಳೂ ಇಲ್ಲ. ಕುಡಿಯುವ ನೀರು, ಶೌಚಾಲಯ ವ್ಯವಸ್ಥೆ ಕಲ್ಪಿಸಬೇಕು ಎಂದು ಒತ್ತಾಯಿಸಿದರು.

ಪಟ್ಟಣದ ಕೃಷಿ ಉತ್ಪನ್ನ ಮಾರುಕಟ್ಟೆ ಸಮಿತಿ ಆವರಣದಲ್ಲಿ ರೈತರು ಬೆಳೆದ ಉತ್ಪನ್ನಗಳಿಗೆ ಸೂಕ್ತ ಬೆಲೆ ನೀಡದೆ ಮೋಸ ಮಾಡಲಾಗುತ್ತಿದೆ ಎಂದು ರೈತ ಸಂಘದ ಮುಖಂಡರು ಆರೋಪಿಸಿದರು. ತೂಕದಲ್ಲಿ ವ್ಯತ್ಯಾಸ ಮಾಡಿ ರೈತರನ್ನು ವಂಚಿಸಲಾಗುತ್ತಿದೆ. ಈ ಬಗ್ಗೆ ಹಲವು ಬಾರಿ ದೂರು ನೀಡಿದರೂ ಅಧಿಕಾರಿಗಳು ಕ್ರಮ ಕೈಗೊಂಡಿಲ್ಲ. ಕೂಡಲೇ ಎಪಿಎಂಸಿ ಕಾರ್ಯದರ್ಶಿ ತನಿಖೆ ನಡೆಸಿ ಮಧ್ಯವರ್ತಿಗಳ ವಿರುದ್ಧ ಕ್ರಮ ಕೈಗೊಳ್ಳಬೇಕು. ತಪ್ಪಿದಲ್ಲಿ ಮಾರುಕಟ್ಟೆ ಮುಂಭಾಗ ಪ್ರತಿಭಟನೆ ನಡೆಸಲಾಗುವುದು ಎಂದು ಎಚ್ಚರಿಸಿದರು. 400ಕ್ಕೂ ಹೆಚ್ಚು ರೈತರು ಪ್ರತಿದಿನ ಇಲ್ಲಿಗೆ ಬರುತ್ತಿದ್ದು ಅವರಿಗೆ ಮೂಲ ಸೌಕರ್ಯಗಳೂ ಇಲ್ಲ. ಕುಡಿಯುವ ನೀರು, ಶೌಚಾಲಯ ವ್ಯವಸ್ಥೆ ಕಲ್ಪಿಸಬೇಕು ಎಂದು ಒತ್ತಾಯಿಸಿದರು.
ಸಾರ್ವಜನಿಕ ಪ್ರಕಟಣೆ
ಈ ಮೂಲಕ ಸಾರ್ವಜನಿಕರಿಗೆ ತಿಳಿಯಪಡಿಸುವುದೇನೆಂದರೆ, ಹಾಸನ ತಾಲ್ಲೂಕು ಕಸಬಾ ಹೋಬಳಿ ಗ್ರಾಮದ ಸರ್ವೆ ನಂಬರ್ ಜಮೀನಿನ ಬಗ್ಗೆ ಯಾರಿಗಾದರೂ ಆಕ್ಷೇಪಣೆ ಇದ್ದಲ್ಲಿ ಈ ಪ್ರಕಟಣೆ ಹೊರಬಿದ್ದ 7 ದಿನಗಳೊಳಗೆ ಸೂಕ್ತ ದಾಖಲೆಗಳೊಂದಿಗೆ ಸಂಪರ್ಕಿಸಬೇಕು. ತಪ್ಪಿದಲ್ಲಿ ಮುಂದಿನ ಕ್ರಮ ಜರುಗಿಸಲಾಗುವುದು. ಸ್ಥಳ: ಹಾಸನ. ದಿನಾಂಕ: 18.04.2026
